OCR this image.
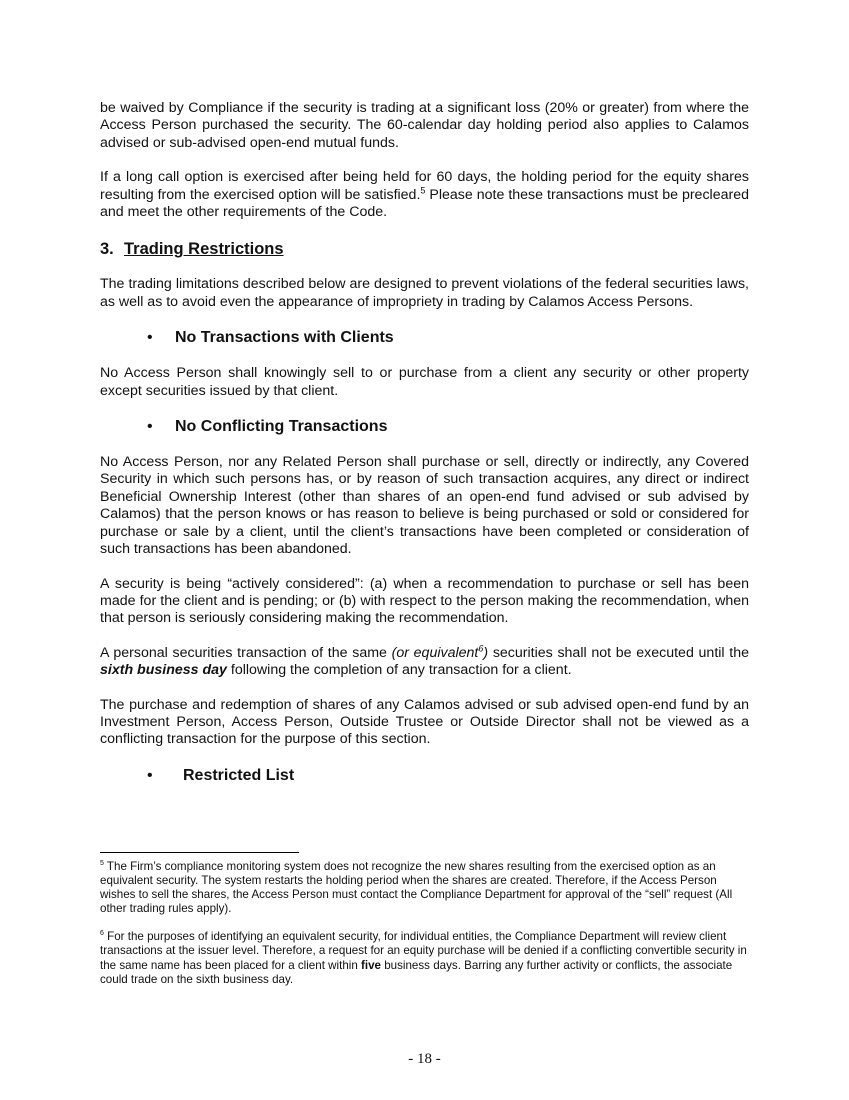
be waived by Compliance if the security is trading at a significant loss (20% or greater) from where the Access Person purchased the security. The 60-calendar day holding period also applies to Calamos advised or sub-advised open-end mutual funds.

If a long call option is exercised after being held for 60 days, the holding period for the equity shares resulting from the exercised option will be satisfied.$^5$ Please note these transactions must be precleared and meet the other requirements of the Code.

3. Trading Restrictions

The trading limitations described below are designed to prevent violations of the federal securities laws, as well as to avoid even the appearance of impropriety in trading by Calamos Access Persons.

• No Transactions with Clients

No Access Person shall knowingly sell to or purchase from a client any security or other property except securities issued by that client.

• No Conflicting Transactions

No Access Person, nor any Related Person shall purchase or sell, directly or indirectly, any Covered Security in which such persons has, or by reason of such transaction acquires, any direct or indirect Beneficial Ownership Interest (other than shares of an open-end fund advised or sub advised by Calamos) that the person knows or has reason to believe is being purchased or sold or considered for purchase or sale by a client, until the client’s transactions have been completed or consideration of such transactions has been abandoned.

A security is being “actively considered”: (a) when a recommendation to purchase or sell has been made for the client and is pending; or (b) with respect to the person making the recommendation, when that person is seriously considering making the recommendation.

A personal securities transaction of the same (or equivalent$^6$) securities shall not be executed until the sixth business day following the completion of any transaction for a client.

The purchase and redemption of shares of any Calamos advised or sub advised open-end fund by an Investment Person, Access Person, Outside Trustee or Outside Director shall not be viewed as a conflicting transaction for the purpose of this section.

• Restricted List

$^5$ The Firm’s compliance monitoring system does not recognize the new shares resulting from the exercised option as an equivalent security. The system restarts the holding period when the shares are created. Therefore, if the Access Person wishes to sell the shares, the Access Person must contact the Compliance Department for approval of the “sell” request (All other trading rules apply).

$^6$ For the purposes of identifying an equivalent security, for individual entities, the Compliance Department will review client transactions at the issuer level. Therefore, a request for an equity purchase will be denied if a conflicting convertible security in the same name has been placed for a client within five business days. Barring any further activity or conflicts, the associate could trade on the sixth business day.

- 18 -
